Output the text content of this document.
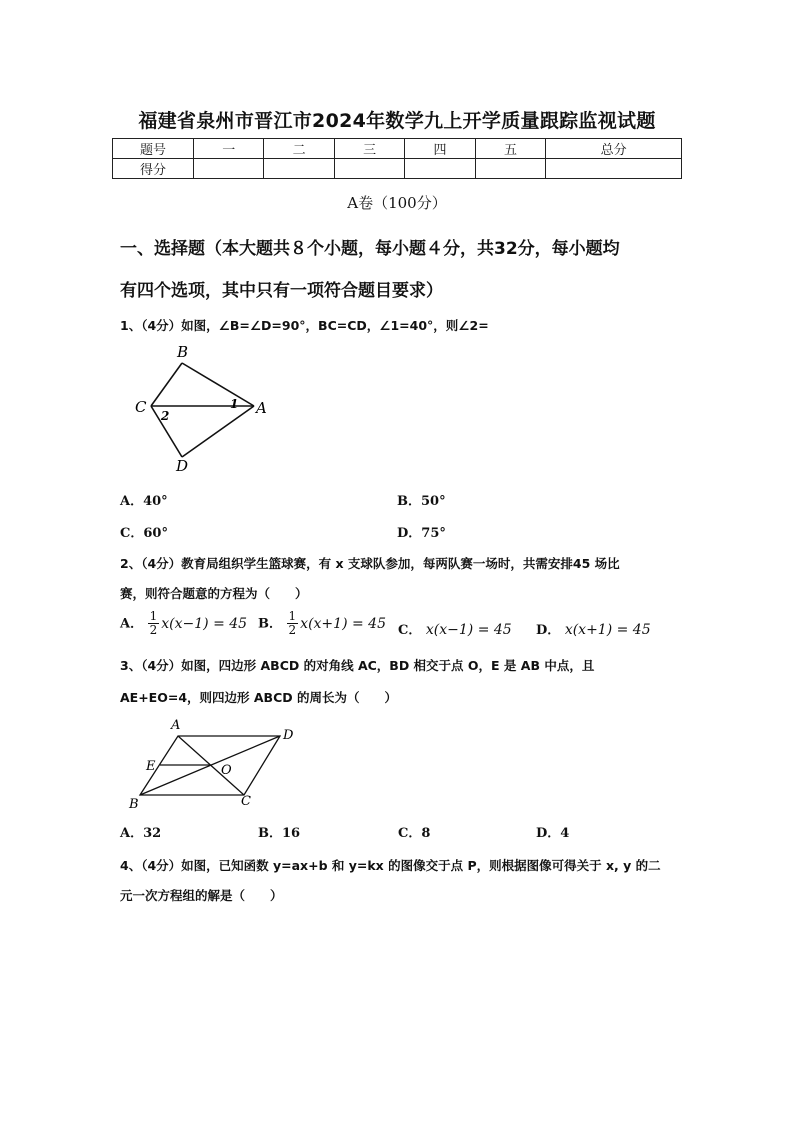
福建省泉州市晋江市2024年数学九上开学质量跟踪监视试题
题号	一	二	三	四	五	总分
得分						
A卷（100分）
一、选择题（本大题共８个小题，每小题４分，共32分，每小题均
有四个选项，其中只有一项符合题目要求）
1、（4分）如图，∠B=∠D=90°，BC=CD，∠1=40°，则∠2=
B
C 2
1 A
D
A．40°	B．50°
C．60°	D．75°
2、（4分）教育局组织学生篮球赛，有 x 支球队参加，每两队赛一场时，共需安排45 场比
赛，则符合题意的方程为（　　）
A． $\frac{1}{2} x(x-1) = 45$ B． $\frac{1}{2} x(x+1) = 45$ C． x(x−1) = 45 D． x(x+1) = 45
3、（4分）如图，四边形 ABCD 的对角线 AC，BD 相交于点 O，E 是 AB 中点，且
AE+EO=4，则四边形 ABCD 的周长为（　　）
A
D
E	O
B	C
A．32	B．16	C．8	D．4
4、（4分）如图，已知函数 y=ax+b 和 y=kx 的图像交于点 P，则根据图像可得关于 x, y 的二
元一次方程组的解是（　　）
